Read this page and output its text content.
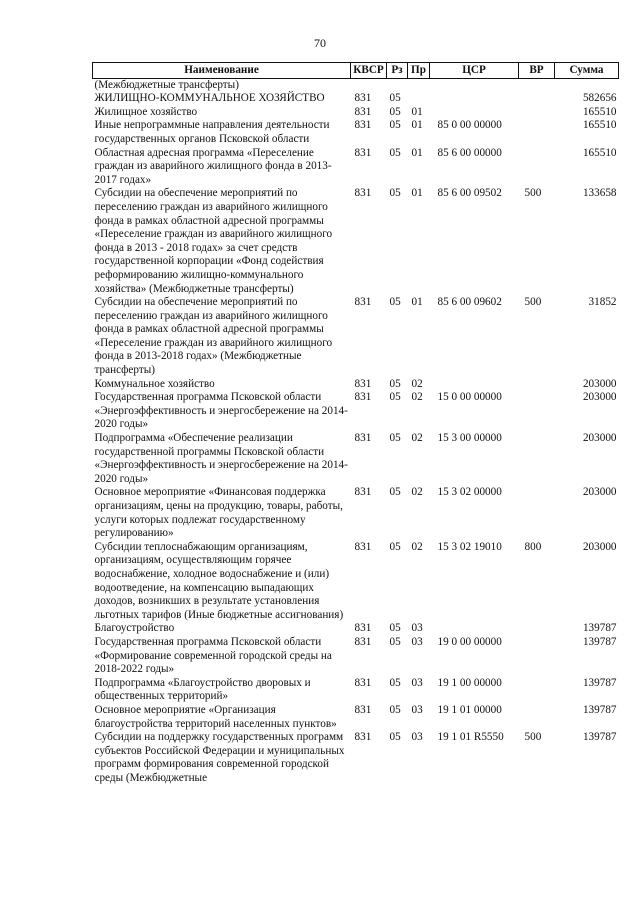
70
Наименование	КВСР	Рз	Пр	ЦСР	ВР	Сумма
(Межбюджетные трансферты)						
ЖИЛИЩНО-КОММУНАЛЬНОЕ ХОЗЯЙСТВО	831	05				582656
Жилищное хозяйство	831	05	01			165510
Иные непрограммные направления деятельности государственных органов Псковской области	831	05	01	85 0 00 00000		165510
Областная адресная программа «Переселение граждан из аварийного жилищного фонда в 2013-2017 годах»	831	05	01	85 6 00 00000		165510
Субсидии на обеспечение мероприятий по переселению граждан из аварийного жилищного фонда в рамках областной адресной программы «Переселение граждан из аварийного жилищного фонда в 2013 - 2018 годах» за счет средств государственной корпорации «Фонд содействия реформированию жилищно-коммунального хозяйства» (Межбюджетные трансферты)	831	05	01	85 6 00 09502	500	133658
Субсидии на обеспечение мероприятий по переселению граждан из аварийного жилищного фонда в рамках областной адресной программы «Переселение граждан из аварийного жилищного фонда в 2013-2018 годах» (Межбюджетные трансферты)	831	05	01	85 6 00 09602	500	31852
Коммунальное хозяйство	831	05	02			203000
Государственная программа Псковской области «Энергоэффективность и энергосбережение на 2014-2020 годы»	831	05	02	15 0 00 00000		203000
Подпрограмма «Обеспечение реализации государственной программы Псковской области «Энергоэффективность и энергосбережение на 2014-2020 годы»	831	05	02	15 3 00 00000		203000
Основное мероприятие «Финансовая поддержка организациям, цены на продукцию, товары, работы, услуги которых подлежат государственному регулированию»	831	05	02	15 3 02 00000		203000
Субсидии теплоснабжающим организациям, организациям, осуществляющим горячее водоснабжение, холодное водоснабжение и (или) водоотведение, на компенсацию выпадающих доходов, возникших в результате установления льготных тарифов (Иные бюджетные ассигнования)	831	05	02	15 3 02 19010	800	203000
Благоустройство	831	05	03			139787
Государственная программа Псковской области «Формирование современной городской среды на 2018-2022 годы»	831	05	03	19 0 00 00000		139787
Подпрограмма «Благоустройство дворовых и общественных территорий»	831	05	03	19 1 00 00000		139787
Основное мероприятие «Организация благоустройства территорий населенных пунктов»	831	05	03	19 1 01 00000		139787
Субсидии на поддержку государственных программ субъектов Российской Федерации и муниципальных программ формирования современной городской среды (Межбюджетные	831	05	03	19 1 01 R5550	500	139787
